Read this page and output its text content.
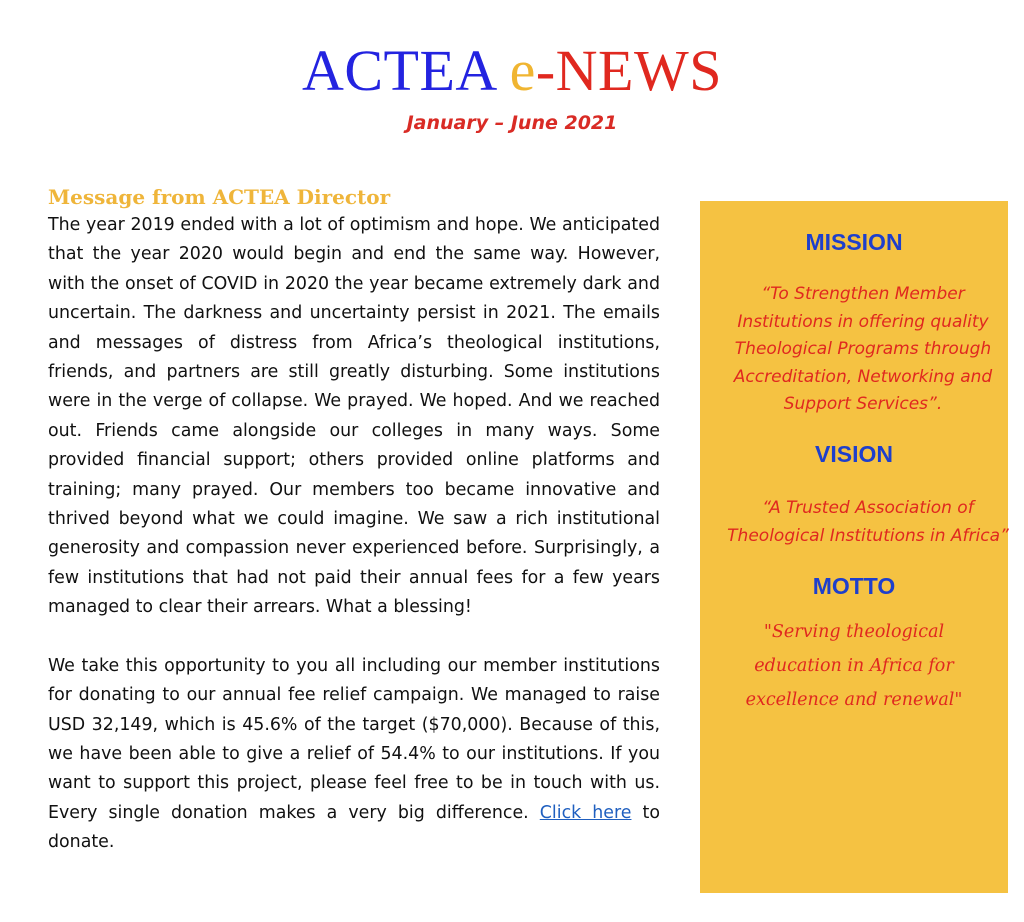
ACTEA e-NEWS
January – June 2021
Message from ACTEA Director

The year 2019 ended with a lot of optimism and hope. We anticipated that the year 2020 would begin and end the same way. However, with the onset of COVID in 2020 the year became extremely dark and uncertain. The darkness and uncertainty persist in 2021. The emails and messages of distress from Africa’s theological institutions, friends, and partners are still greatly disturbing. Some institutions were in the verge of collapse. We prayed. We hoped. And we reached out. Friends came alongside our colleges in many ways. Some provided financial support; others provided online platforms and training; many prayed. Our members too became innovative and thrived beyond what we could imagine. We saw a rich institutional generosity and compassion never experienced before. Surprisingly, a few institutions that had not paid their annual fees for a few years managed to clear their arrears. What a blessing!

We take this opportunity to you all including our member institutions for donating to our annual fee relief campaign. We managed to raise USD 32,149, which is 45.6% of the target ($70,000). Because of this, we have been able to give a relief of 54.4% to our institutions. If you want to support this project, please feel free to be in touch with us. Every single donation makes a very big difference. Click here to donate.

MISSION
“To Strengthen Member Institutions in offering quality Theological Programs through Accreditation, Networking and Support Services”.
VISION
“A Trusted Association of Theological Institutions in Africa”
MOTTO
"Serving theological education in Africa for excellence and renewal"
